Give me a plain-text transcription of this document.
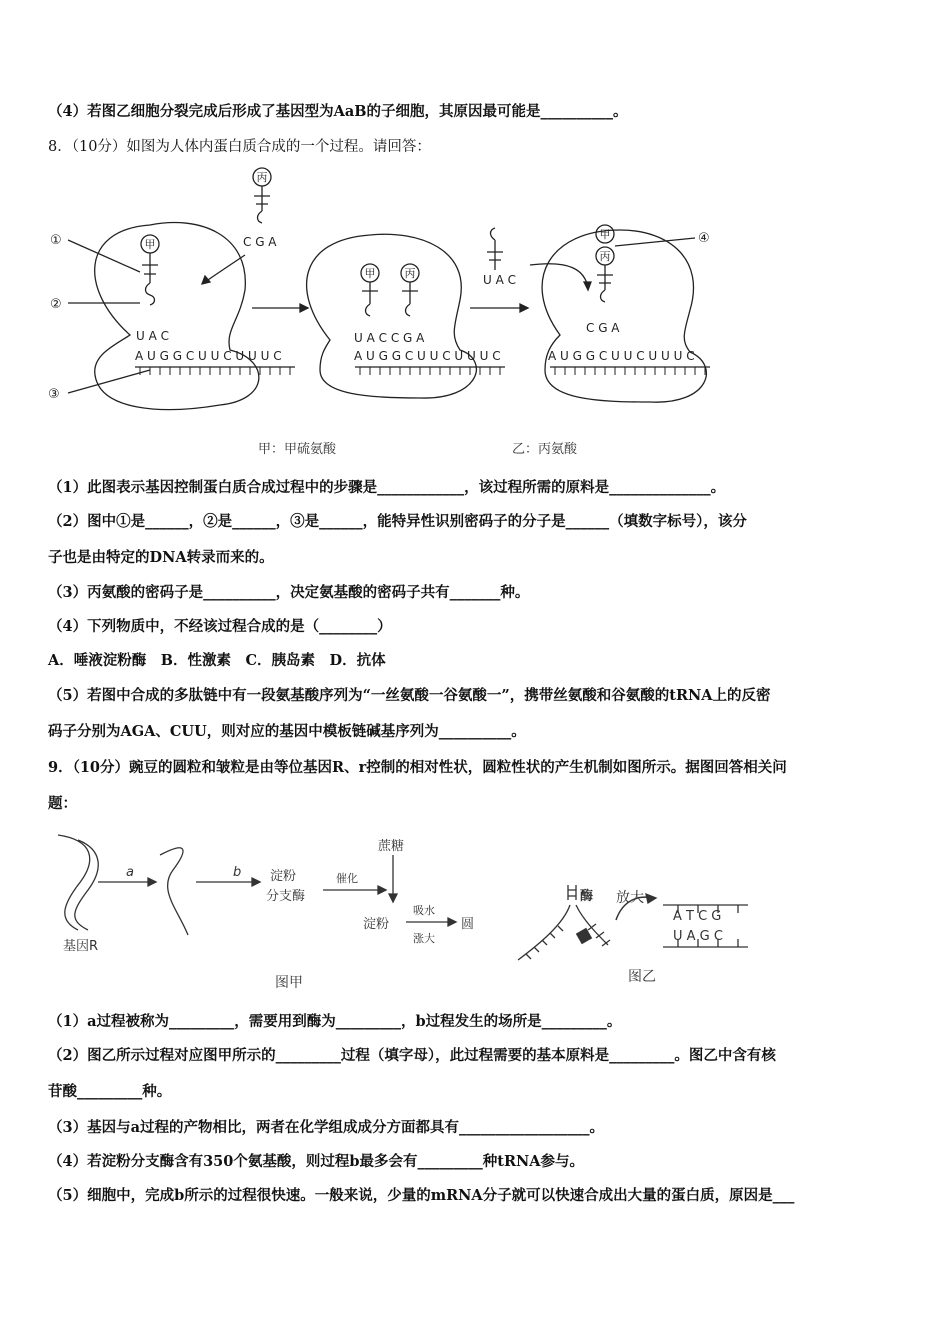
（4）若图乙细胞分裂完成后形成了基因型为AaB的子细胞，其原因最可能是__________。
8．（10分）如图为人体内蛋白质合成的一个过程。请回答：
①
②
③
④
甲
丙
甲	丙
甲
丙
C G A
U A C
A U G G C U U C U U U C
U A C C G A
A U G G C U U C U U U C
U A C
C G A
A U G G C U U C U U U C
甲：甲硫氨酸	乙：丙氨酸
（1）此图表示基因控制蛋白质合成过程中的步骤是____________，该过程所需的原料是______________。
（2）图中①是______，②是______，③是______，能特异性识别密码子的分子是______（填数字标号），该分
子也是由特定的DNA转录而来的。
（3）丙氨酸的密码子是__________，决定氨基酸的密码子共有_______种。
（4）下列物质中，不经该过程合成的是（________）
A．唾液淀粉酶　B．性激素　C．胰岛素　D．抗体
（5）若图中合成的多肽链中有一段氨基酸序列为“一丝氨酸一谷氨酸一”，携带丝氨酸和谷氨酸的tRNA上的反密
码子分别为AGA、CUU，则对应的基因中模板链碱基序列为__________。
9．（10分）豌豆的圆粒和皱粒是由等位基因R、r控制的相对性状，圆粒性状的产生机制如图所示。据图回答相关问
题：
基因R
a	b 淀粉
分支酶
催化
蔗糖
淀粉
吸水
涨大
圆
酶 放大
A T C G
U A G C
图甲	图乙
（1）a过程被称为_________，需要用到酶为_________，b过程发生的场所是_________。
（2）图乙所示过程对应图甲所示的_________过程（填字母），此过程需要的基本原料是_________。图乙中含有核
苷酸_________种。
（3）基因与a过程的产物相比，两者在化学组成成分方面都具有__________________。
（4）若淀粉分支酶含有350个氨基酸，则过程b最多会有_________种tRNA参与。
（5）细胞中，完成b所示的过程很快速。一般来说，少量的mRNA分子就可以快速合成出大量的蛋白质，原因是___
